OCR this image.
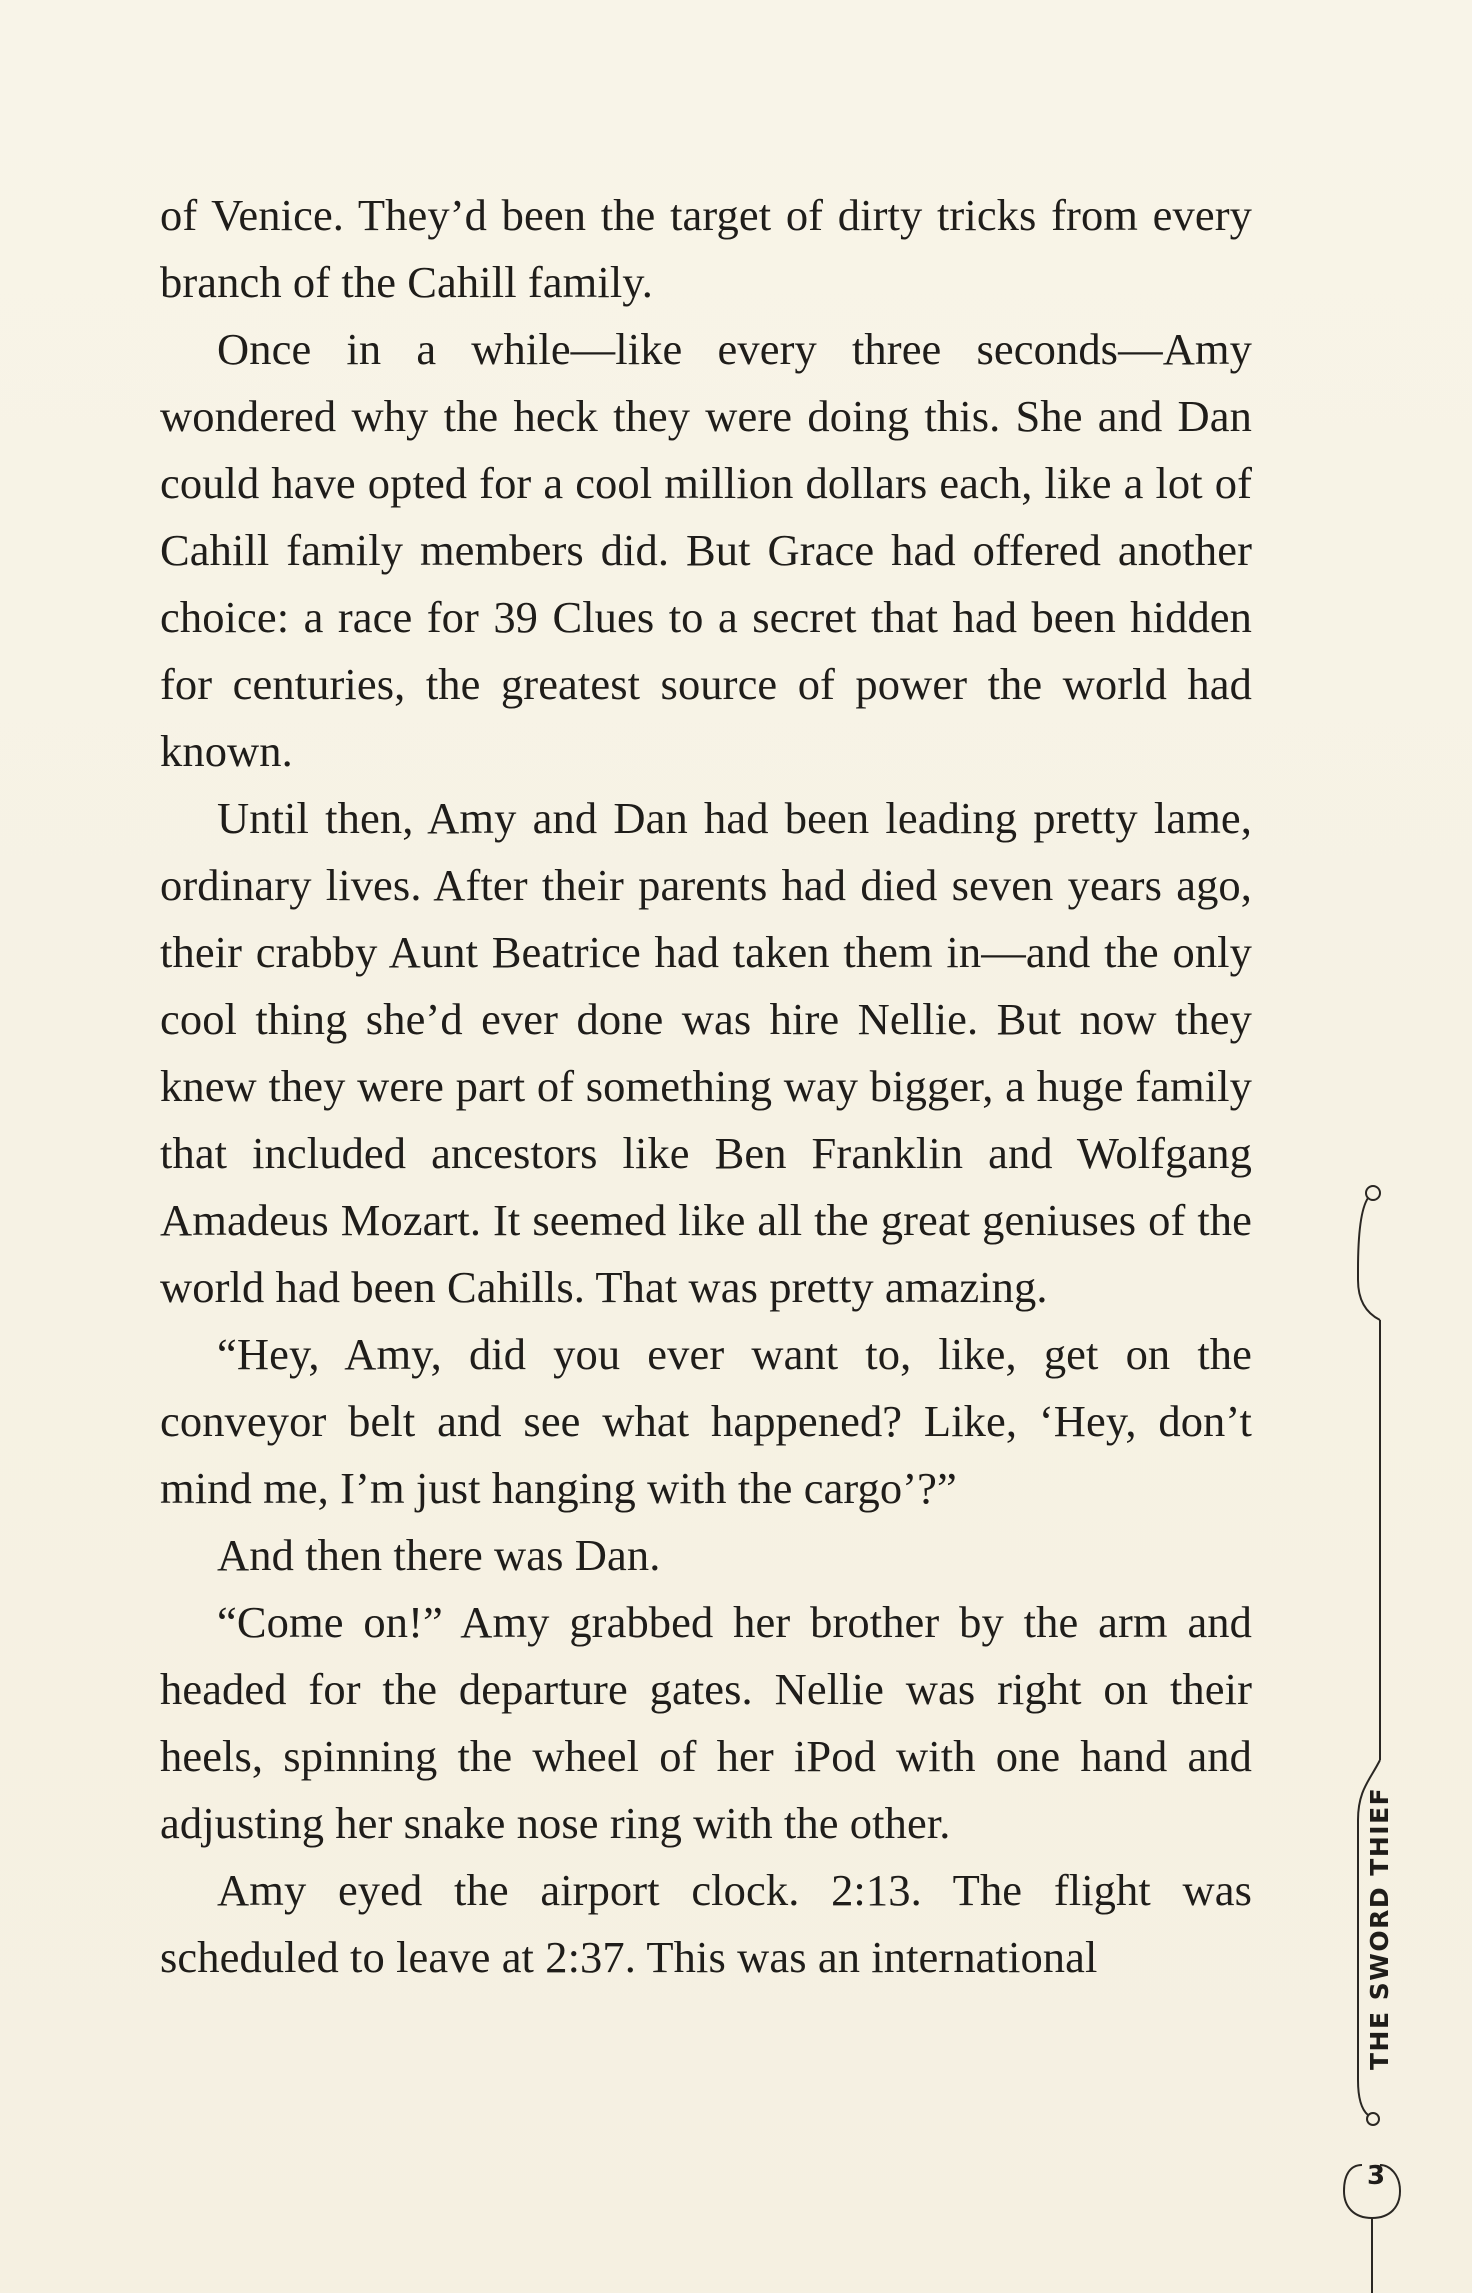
of Venice. They’d been the target of dirty tricks from every branch of the Cahill family.

Once in a while—like every three seconds—Amy wondered why the heck they were doing this. She and Dan could have opted for a cool million dollars each, like a lot of Cahill family members did. But Grace had offered another choice: a race for 39 Clues to a secret that had been hidden for centuries, the greatest source of power the world had known.

Until then, Amy and Dan had been leading pretty lame, ordinary lives. After their parents had died seven years ago, their crabby Aunt Beatrice had taken them in—and the only cool thing she’d ever done was hire Nellie. But now they knew they were part of something way bigger, a huge family that included ancestors like Ben Franklin and Wolfgang Amadeus Mozart. It seemed like all the great geniuses of the world had been Cahills. That was pretty amazing.

“Hey, Amy, did you ever want to, like, get on the conveyor belt and see what happened? Like, ‘Hey, don’t mind me, I’m just hanging with the cargo’?”

And then there was Dan.

“Come on!” Amy grabbed her brother by the arm and headed for the departure gates. Nellie was right on their heels, spinning the wheel of her iPod with one hand and adjusting her snake nose ring with the other.

Amy eyed the airport clock. 2:13. The flight was scheduled to leave at 2:37. This was an international	THE SWORD THIEF
3
